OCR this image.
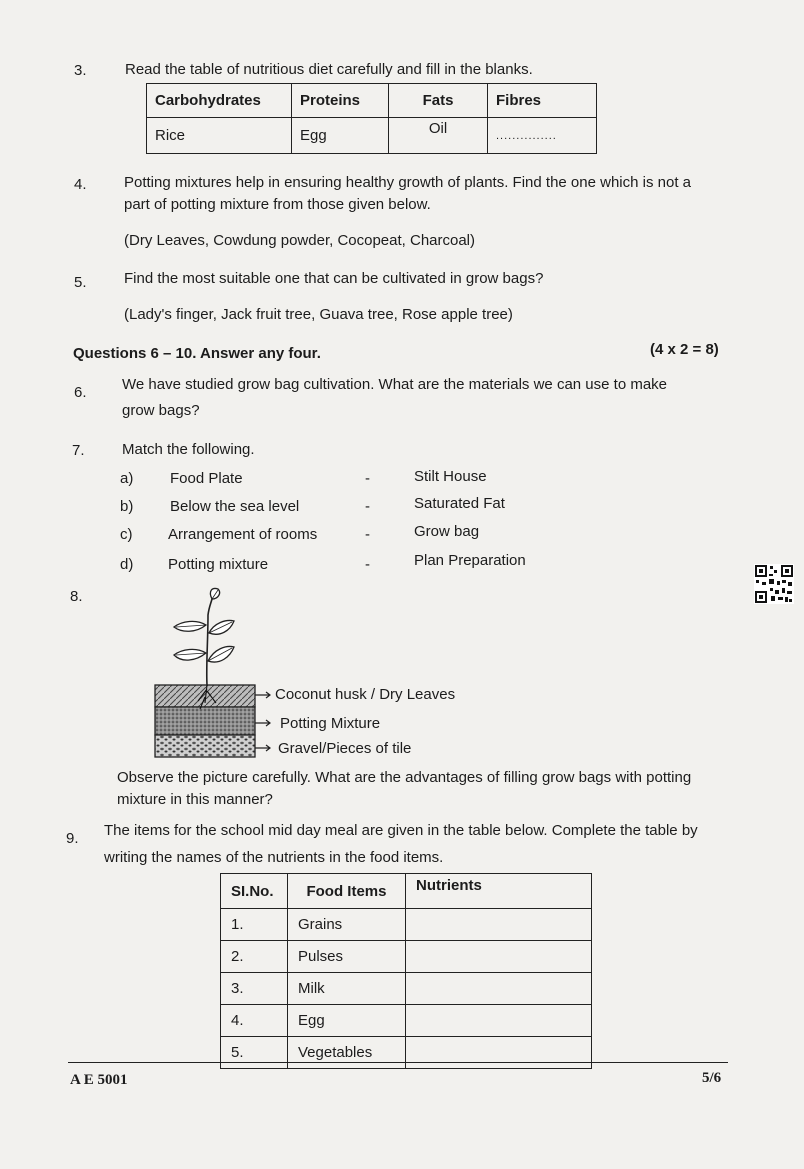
3.	Read the table of nutritious diet carefully and fill in the blanks.
Carbohydrates	Proteins	Fats	Fibres
Rice	Egg	Oil	...............
4. Potting mixtures help in ensuring healthy growth of plants. Find the one which is not a
part of potting mixture from those given below.
(Dry Leaves, Cowdung powder, Cocopeat, Charcoal)
5. Find the most suitable one that can be cultivated in grow bags?
(Lady's finger, Jack fruit tree, Guava tree, Rose apple tree)
Questions 6 – 10. Answer any four.	(4 x 2 = 8)
6. We have studied grow bag cultivation. What are the materials we can use to make
grow bags?
7. Match the following.
a) Food Plate	-	Stilt House
b) Below the sea level	-	Saturated Fat
c) Arrangement of rooms	-	Grow bag
d) Potting mixture	-	Plan Preparation
8.
Coconut husk / Dry Leaves
Potting Mixture
Gravel/Pieces of tile
Observe the picture carefully. What are the advantages of filling grow bags with potting
mixture in this manner?
9. The items for the school mid day meal are given in the table below. Complete the table by
writing the names of the nutrients in the food items.
SI.No.	Food Items	Nutrients
1.	Grains	
2.	Pulses	
3.	Milk	
4.	Egg	
5.	Vegetables	
A E 5001	5/6
